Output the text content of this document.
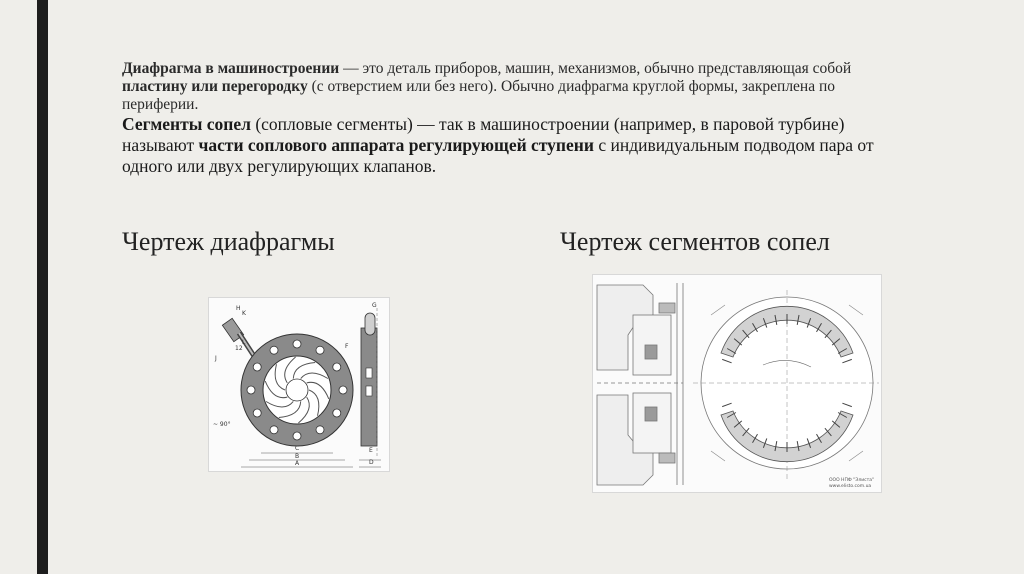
Диафрагма в машиностроении — это деталь приборов, машин, механизмов, обычно представляющая собой пластину или перегородку (с отверстием или без него). Обычно диафрагма круглой формы, закреплена по периферии.

Сегменты сопел (сопловые сегменты) — так в машиностроении (например, в паровой турбине) называют части соплового аппарата регулирующей ступени с индивидуальным подводом пара от одного или двух регулирующих клапанов.

Чертеж диафрагмы	Чертеж сегментов сопел
H
K
L
12
J
F
G
~ 90°
C
B
A
E
D
ООО НПФ "Элиста"
www.elisto.com.ua
